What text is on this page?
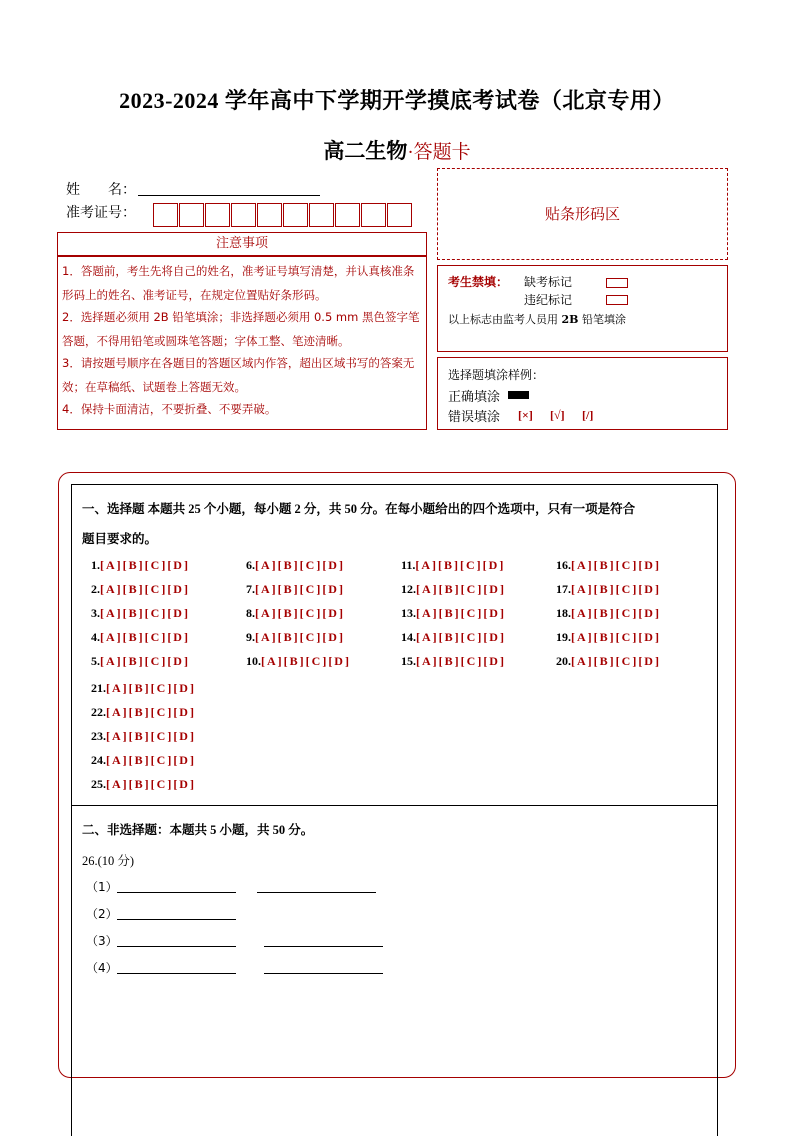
2023-2024 学年高中下学期开学摸底考试卷（北京专用）
高二生物·答题卡
姓　　名：
准考证号：	贴条形码区
注意事项
1．答题前，考生先将自己的姓名，准考证号填写清楚，并认真核准条形码上的姓名、准考证号，在规定位置贴好条形码。
2．选择题必须用 2B 铅笔填涂；非选择题必须用 0.5 mm 黑色签字笔答题，不得用铅笔或圆珠笔答题；字体工整、笔迹清晰。
3．请按题号顺序在各题目的答题区域内作答，超出区域书写的答案无效；在草稿纸、试题卷上答题无效。
4．保持卡面清洁，不要折叠、不要弄破。
考生禁填： 缺考标记
违纪标记
以上标志由监考人员用 2B 铅笔填涂
选择题填涂样例：
正确填涂
错误填涂 [×] [√] [/]
一、选择题 本题共 25 个小题，每小题 2 分，共 50 分。在每小题给出的四个选项中，只有一项是符合
题目要求的。
1.[A][B][C][D]
2.[A][B][C][D]
3.[A][B][C][D]
4.[A][B][C][D]
5.[A][B][C][D]
6.[A][B][C][D]
7.[A][B][C][D]
8.[A][B][C][D]
9.[A][B][C][D]
10.[A][B][C][D]
11.[A][B][C][D]
12.[A][B][C][D]
13.[A][B][C][D]
14.[A][B][C][D]
15.[A][B][C][D]
16.[A][B][C][D]
17.[A][B][C][D]
18.[A][B][C][D]
19.[A][B][C][D]
20.[A][B][C][D]
21.[A][B][C][D]
22.[A][B][C][D]
23.[A][B][C][D]
24.[A][B][C][D]
25.[A][B][C][D]
二、非选择题：本题共 5 小题，共 50 分。
26.(10 分)
（1）
（2）
（3）
（4）
